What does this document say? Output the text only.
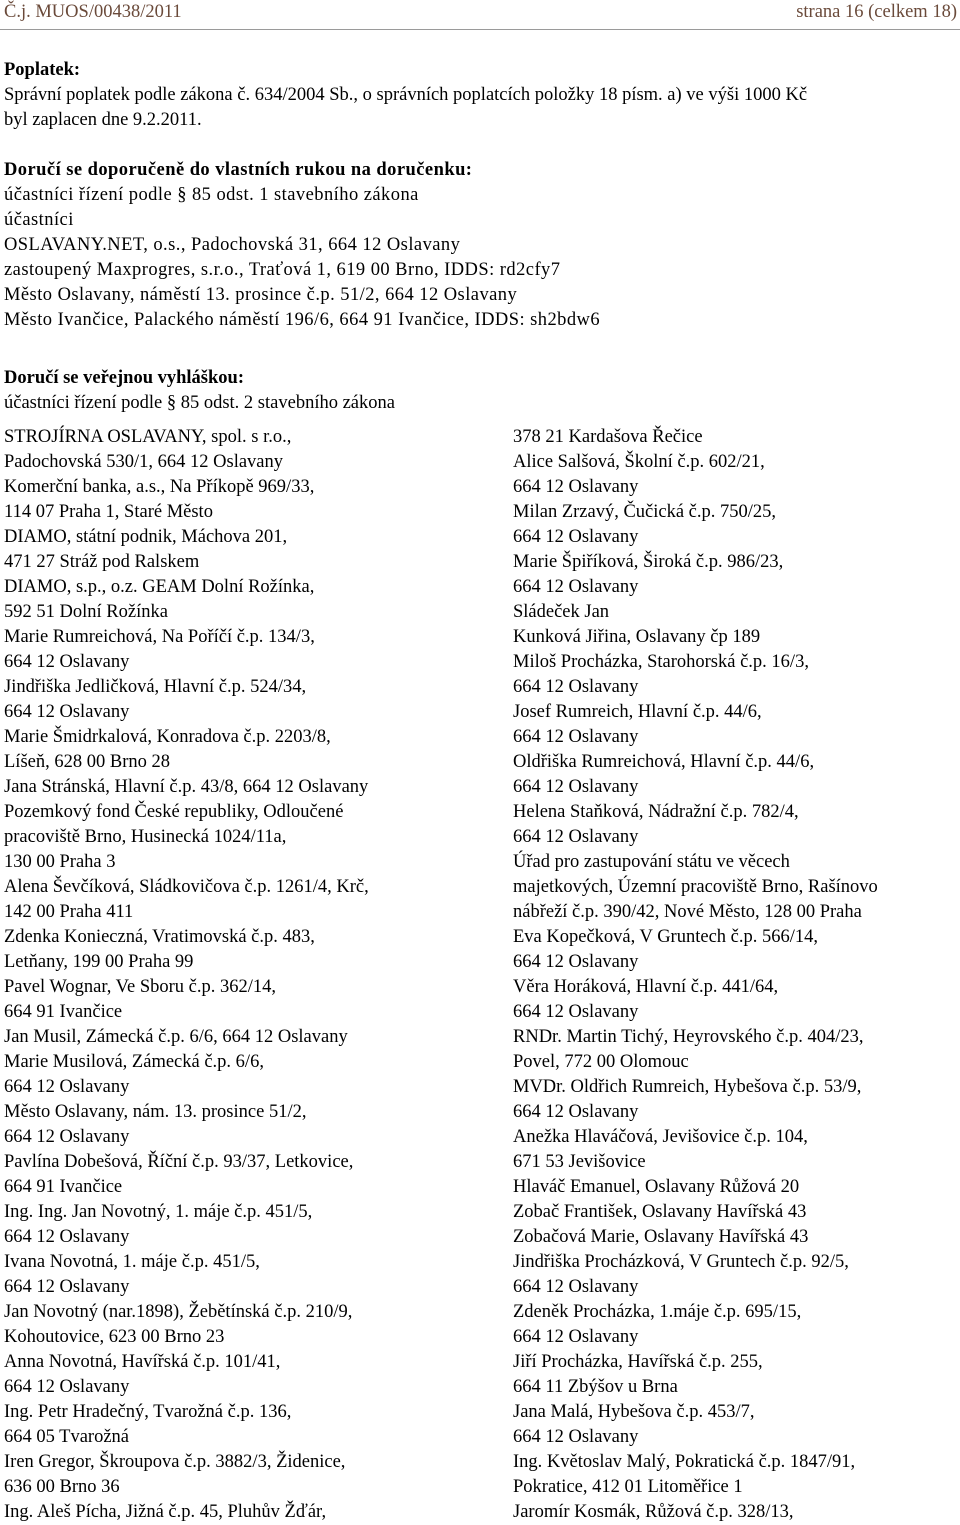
Č.j. MUOS/00438/2011	strana 16 (celkem 18)
Poplatek:
Správní poplatek podle zákona č. 634/2004 Sb., o správních poplatcích položky 18 písm. a) ve výši 1000 Kč
byl zaplacen dne 9.2.2011.
Doručí se doporučeně do vlastních rukou na doručenku:
účastníci řízení podle § 85 odst. 1 stavebního zákona
účastníci
OSLAVANY.NET, o.s., Padochovská 31, 664 12 Oslavany
zastoupený Maxprogres, s.r.o., Traťová 1, 619 00 Brno, IDDS: rd2cfy7
Město Oslavany, náměstí 13. prosince č.p. 51/2, 664 12 Oslavany
Město Ivančice, Palackého náměstí 196/6, 664 91 Ivančice, IDDS: sh2bdw6
Doručí se veřejnou vyhláškou:
účastníci řízení podle § 85 odst. 2 stavebního zákona
STROJÍRNA OSLAVANY, spol. s r.o.,
Padochovská 530/1, 664 12 Oslavany
Komerční banka, a.s., Na Příkopě 969/33,
114 07 Praha 1, Staré Město
DIAMO, státní podnik, Máchova 201,
471 27 Stráž pod Ralskem
DIAMO, s.p., o.z. GEAM Dolní Rožínka,
592 51 Dolní Rožínka
Marie Rumreichová, Na Poříčí č.p. 134/3,
664 12 Oslavany
Jindřiška Jedličková, Hlavní č.p. 524/34,
664 12 Oslavany
Marie Šmidrkalová, Konradova č.p. 2203/8,
Líšeň, 628 00 Brno 28
Jana Stránská, Hlavní č.p. 43/8, 664 12 Oslavany
Pozemkový fond České republiky, Odloučené
pracoviště Brno, Husinecká 1024/11a,
130 00 Praha 3
Alena Ševčíková, Sládkovičova č.p. 1261/4, Krč,
142 00 Praha 411
Zdenka Konieczná, Vratimovská č.p. 483,
Letňany, 199 00 Praha 99
Pavel Wognar, Ve Sboru č.p. 362/14,
664 91 Ivančice
Jan Musil, Zámecká č.p. 6/6, 664 12 Oslavany
Marie Musilová, Zámecká č.p. 6/6,
664 12 Oslavany
Město Oslavany, nám. 13. prosince 51/2,
664 12 Oslavany
Pavlína Dobešová, Říční č.p. 93/37, Letkovice,
664 91 Ivančice
Ing. Ing. Jan Novotný, 1. máje č.p. 451/5,
664 12 Oslavany
Ivana Novotná, 1. máje č.p. 451/5,
664 12 Oslavany
Jan Novotný (nar.1898), Žebětínská č.p. 210/9,
Kohoutovice, 623 00 Brno 23
Anna Novotná, Havířská č.p. 101/41,
664 12 Oslavany
Ing. Petr Hradečný, Tvarožná č.p. 136,
664 05 Tvarožná
Iren Gregor, Škroupova č.p. 3882/3, Židenice,
636 00 Brno 36
Ing. Aleš Pícha, Jižná č.p. 45, Pluhův Žďár,
378 21 Kardašova Řečice
Alice Salšová, Školní č.p. 602/21,
664 12 Oslavany
Milan Zrzavý, Čučická č.p. 750/25,
664 12 Oslavany
Marie Špiříková, Široká č.p. 986/23,
664 12 Oslavany
Sládeček Jan
Kunková Jiřina, Oslavany čp 189
Miloš Procházka, Starohorská č.p. 16/3,
664 12 Oslavany
Josef Rumreich, Hlavní č.p. 44/6,
664 12 Oslavany
Oldřiška Rumreichová, Hlavní č.p. 44/6,
664 12 Oslavany
Helena Staňková, Nádražní č.p. 782/4,
664 12 Oslavany
Úřad pro zastupování státu ve věcech
majetkových, Územní pracoviště Brno, Rašínovo
nábřeží č.p. 390/42, Nové Město, 128 00 Praha
Eva Kopečková, V Gruntech č.p. 566/14,
664 12 Oslavany
Věra Horáková, Hlavní č.p. 441/64,
664 12 Oslavany
RNDr. Martin Tichý, Heyrovského č.p. 404/23,
Povel, 772 00 Olomouc
MVDr. Oldřich Rumreich, Hybešova č.p. 53/9,
664 12 Oslavany
Anežka Hlaváčová, Jevišovice č.p. 104,
671 53 Jevišovice
Hlaváč Emanuel, Oslavany Růžová 20
Zobač František, Oslavany Havířská 43
Zobačová Marie, Oslavany Havířská 43
Jindřiška Procházková, V Gruntech č.p. 92/5,
664 12 Oslavany
Zdeněk Procházka, 1.máje č.p. 695/15,
664 12 Oslavany
Jiří Procházka, Havířská č.p. 255,
664 11 Zbýšov u Brna
Jana Malá, Hybešova č.p. 453/7,
664 12 Oslavany
Ing. Květoslav Malý, Pokratická č.p. 1847/91,
Pokratice, 412 01 Litoměřice 1
Jaromír Kosmák, Růžová č.p. 328/13,
